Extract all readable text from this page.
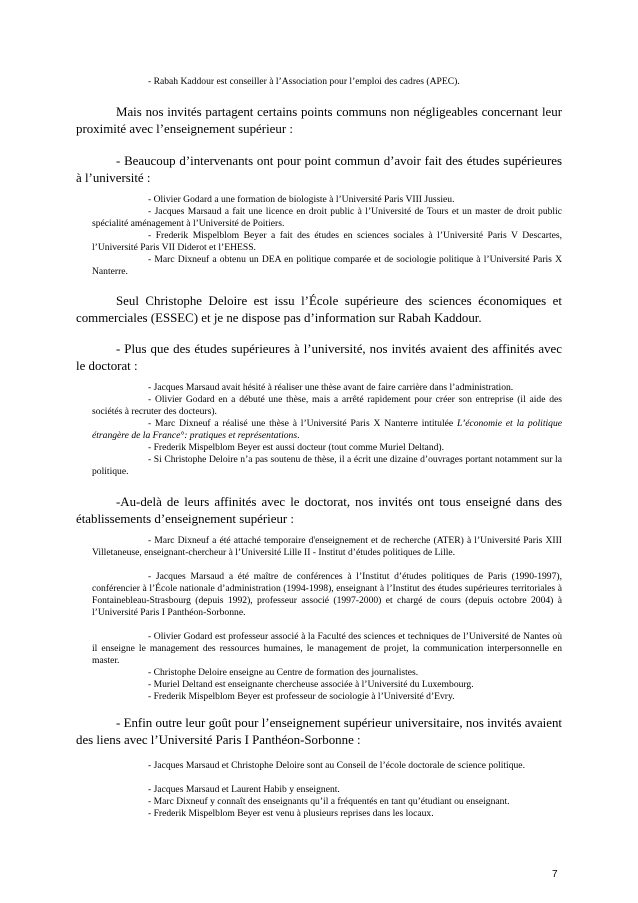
- Rabah Kaddour est conseiller à l’Association pour l’emploi des cadres (APEC).

Mais nos invités partagent certains points communs non négligeables concernant leur proximité avec l’enseignement supérieur :

- Beaucoup d’intervenants ont pour point commun d’avoir fait des études supérieures à l’université :

- Olivier Godard a une formation de biologiste à l’Université Paris VIII Jussieu.

- Jacques Marsaud a fait une licence en droit public à l’Université de Tours et un master de droit public spécialité aménagement à l’Université de Poitiers.

- Frederik Mispelblom Beyer a fait des études en sciences sociales à l’Université Paris V Descartes, l’Université Paris VII Diderot et l’EHESS.

- Marc Dixneuf a obtenu un DEA en politique comparée et de sociologie politique à l’Université Paris X Nanterre.

Seul Christophe Deloire est issu l’École supérieure des sciences économiques et commerciales (ESSEC) et je ne dispose pas d’information sur Rabah Kaddour.

- Plus que des études supérieures à l’université, nos invités avaient des affinités avec le doctorat :

- Jacques Marsaud avait hésité à réaliser une thèse avant de faire carrière dans l’administration.

- Olivier Godard en a débuté une thèse, mais a arrêté rapidement pour créer son entreprise (il aide des sociétés à recruter des docteurs).

- Marc Dixneuf a réalisé une thèse à l’Université Paris X Nanterre intitulée L’économie et la politique étrangère de la France°: pratiques et représentations.

- Frederik Mispelblom Beyer est aussi docteur (tout comme Muriel Deltand).

- Si Christophe Deloire n’a pas soutenu de thèse, il a écrit une dizaine d’ouvrages portant notamment sur la politique.

-Au-delà de leurs affinités avec le doctorat, nos invités ont tous enseigné dans des établissements d’enseignement supérieur :

- Marc Dixneuf a été attaché temporaire d'enseignement et de recherche (ATER) à l’Université Paris XIII Villetaneuse, enseignant-chercheur à l’Université Lille II - Institut d’études politiques de Lille.

- Jacques Marsaud a été maître de conférences à l’Institut d’études politiques de Paris (1990-1997), conférencier à l’École nationale d’administration (1994-1998), enseignant à l’Institut des études supérieures territoriales à Fontainebleau-Strasbourg (depuis 1992), professeur associé (1997-2000) et chargé de cours (depuis octobre 2004) à l’Université Paris I Panthéon-Sorbonne.

- Olivier Godard est professeur associé à la Faculté des sciences et techniques de l’Université de Nantes où il enseigne le management des ressources humaines, le management de projet, la communication interpersonnelle en master.

- Christophe Deloire enseigne au Centre de formation des journalistes.

- Muriel Deltand est enseignante chercheuse associée à l’Université du Luxembourg.

- Frederik Mispelblom Beyer est professeur de sociologie à l’Université d’Evry.

- Enfin outre leur goût pour l’enseignement supérieur universitaire, nos invités avaient des liens avec l’Université Paris I Panthéon-Sorbonne :

- Jacques Marsaud et Christophe Deloire sont au Conseil de l’école doctorale de science politique.

- Jacques Marsaud et Laurent Habib y enseignent.

- Marc Dixneuf y connaît des enseignants qu’il a fréquentés en tant qu’étudiant ou enseignant.

- Frederik Mispelblom Beyer est venu à plusieurs reprises dans les locaux.

7
